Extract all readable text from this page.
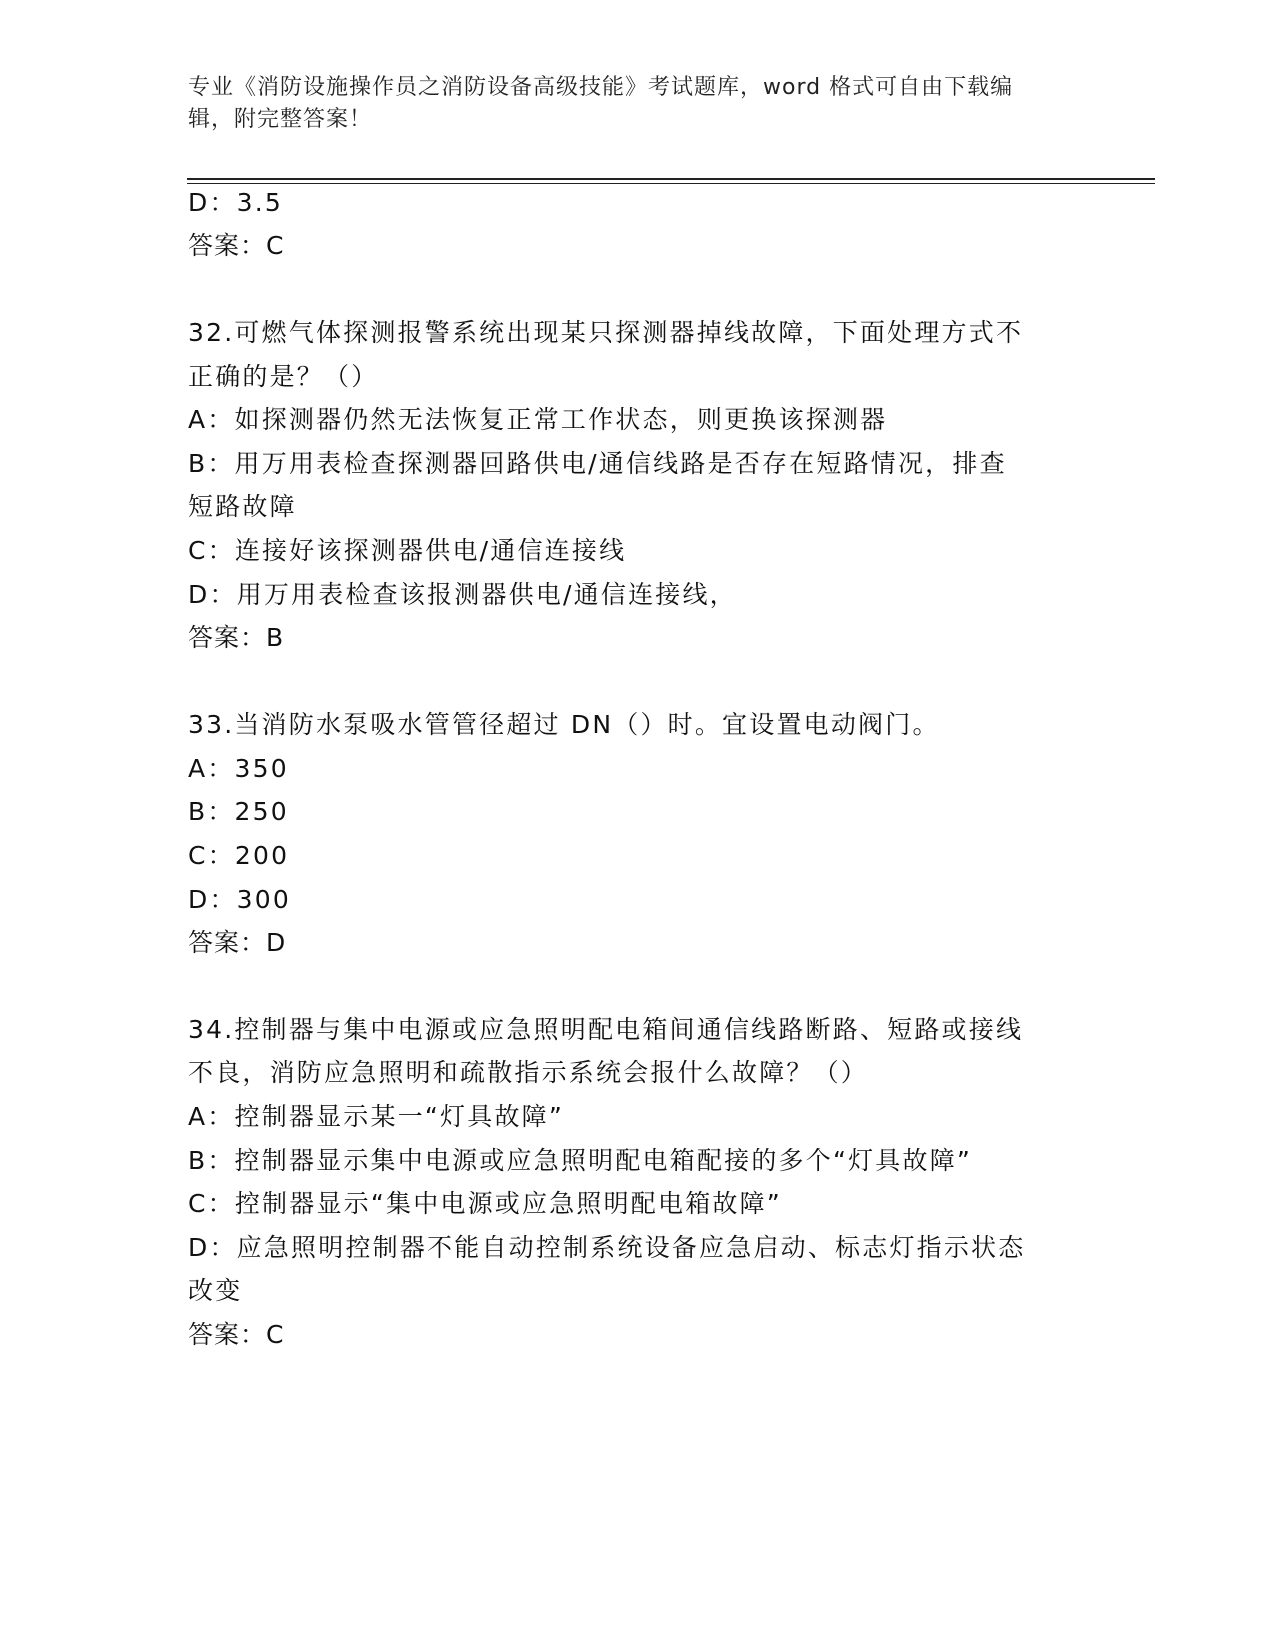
专业《消防设施操作员之消防设备高级技能》考试题库，word 格式可自由下载编
辑，附完整答案！
D：3.5
答案：C
32.可燃气体探测报警系统出现某只探测器掉线故障，下面处理方式不
正确的是？（）
A：如探测器仍然无法恢复正常工作状态，则更换该探测器
B：用万用表检查探测器回路供电/通信线路是否存在短路情况，排查
短路故障
C：连接好该探测器供电/通信连接线
D：用万用表检查该报测器供电/通信连接线，
答案：B
33.当消防水泵吸水管管径超过 DN（）时。宜设置电动阀门。
A：350
B：250
C：200
D：300
答案：D
34.控制器与集中电源或应急照明配电箱间通信线路断路、短路或接线
不良，消防应急照明和疏散指示系统会报什么故障？（）
A：控制器显示某一“灯具故障”
B：控制器显示集中电源或应急照明配电箱配接的多个“灯具故障”
C：控制器显示“集中电源或应急照明配电箱故障”
D：应急照明控制器不能自动控制系统设备应急启动、标志灯指示状态
改变
答案：C
